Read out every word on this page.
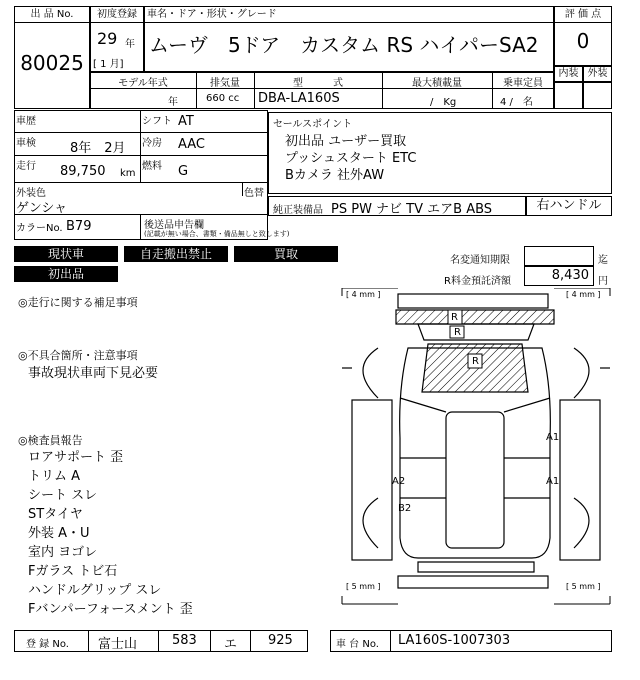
出 品 No.
80025
初度登録
29 年
[ 1 月]
車名・ドア・形状・グレード
ムーヴ　5ドア　カスタム RS ハイパーSA2
評 価 点
0
内装 外装
モデル年式	排気量	型　　　式	最大積載量	乗車定員
年	660 cc DBA-LA160S	/　Kg	4 /　名
車歴	シフト AT
車検	8年　2月 冷房 AAC
走行 89,750 km
燃料 G
外装色	色替
ゲンシャ
カラーNo. B79	後送品申告欄
(記載が無い場合、書類・備品無しと致します)
セールスポイント
初出品 ユーザー買取
プッシュスタート ETC
Bカメラ 社外AW
純正装備品 PS PW ナビ TV エアB ABS	右ハンドル
現状車	自走搬出禁止	買取
初出品
名変通知期限	迄
R料金預託済額	8,430 円
◎走行に関する補足事項
◎不具合箇所・注意事項
事故現状車両下見必要
◎検査員報告
ロアサポート 歪
トリム A
シート スレ
STタイヤ
外装 A・U
室内 ヨゴレ
Fガラス トビ石
ハンドルグリップ スレ
Fバンパーフォースメント 歪
[ 4 mm ]	[ 4 mm ]
[ 5 mm ]	[ 5 mm ]
R
R
R
A1
A1
A2
B2
登 録 No. 富士山	583 エ 925	車 台 No. LA160S-1007303
